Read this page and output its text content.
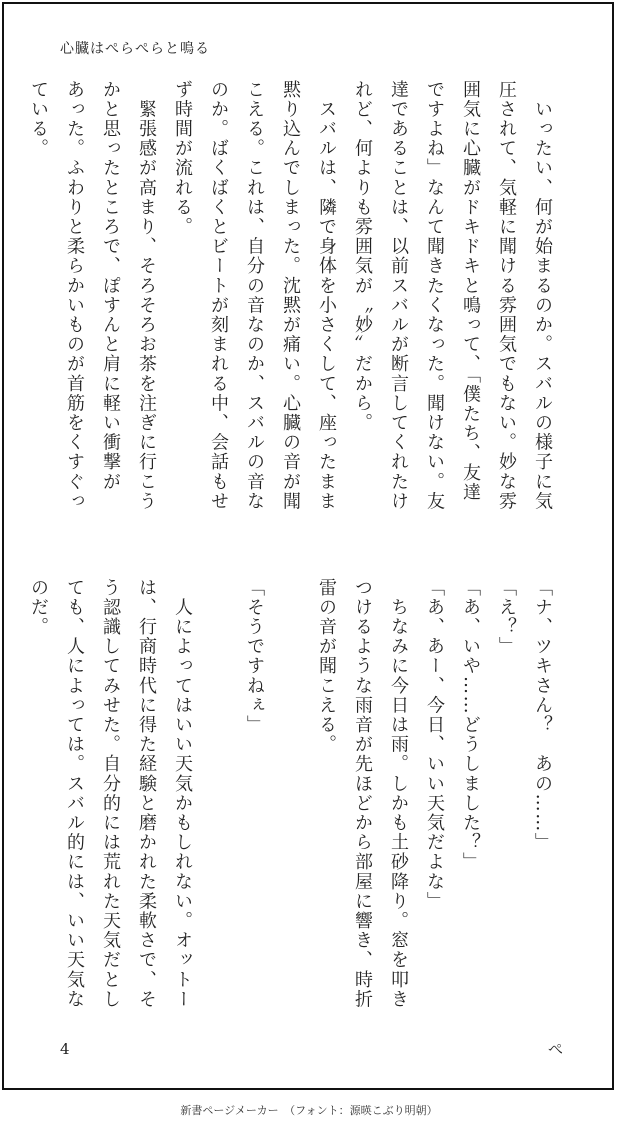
心臓はぺらぺらと鳴る

　いったい、何が始まるのか。スバルの様子に気

圧されて、気軽に聞ける雰囲気でもない。妙な雰

囲気に心臓がドキドキと鳴って、「僕たち、友達

ですよね」なんて聞きたくなった。聞けない。友

達であることは、以前スバルが断言してくれたけ

れど、何よりも雰囲気が〝妙〟だから。

　スバルは、隣で身体を小さくして、座ったまま

黙り込んでしまった。沈黙が痛い。心臓の音が聞

こえる。これは、自分の音なのか、スバルの音な

のか。ばくばくとビートが刻まれる中、会話もせ

ず時間が流れる。

　緊張感が高まり、そろそろお茶を注ぎに行こう

かと思ったところで、ぽすんと肩に軽い衝撃が

あった。ふわりと柔らかいものが首筋をくすぐっ

ている。

「ナ、ツキさん？　あの……」

「え？」

「あ、いや……どうしました？」

「あ、あー、今日、いい天気だよな」

　ちなみに今日は雨。しかも土砂降り。窓を叩き

つけるような雨音が先ほどから部屋に響き、時折

雷の音が聞こえる。

「そうですねぇ」

　人によってはいい天気かもしれない。オットー

は、行商時代に得た経験と磨かれた柔軟さで、そ

う認識してみせた。自分的には荒れた天気だとし

ても、人によっては。スバル的には、いい天気な

のだ。

4	ぺ
新書ページメーカー　（フォント：源暎こぶり明朝）
